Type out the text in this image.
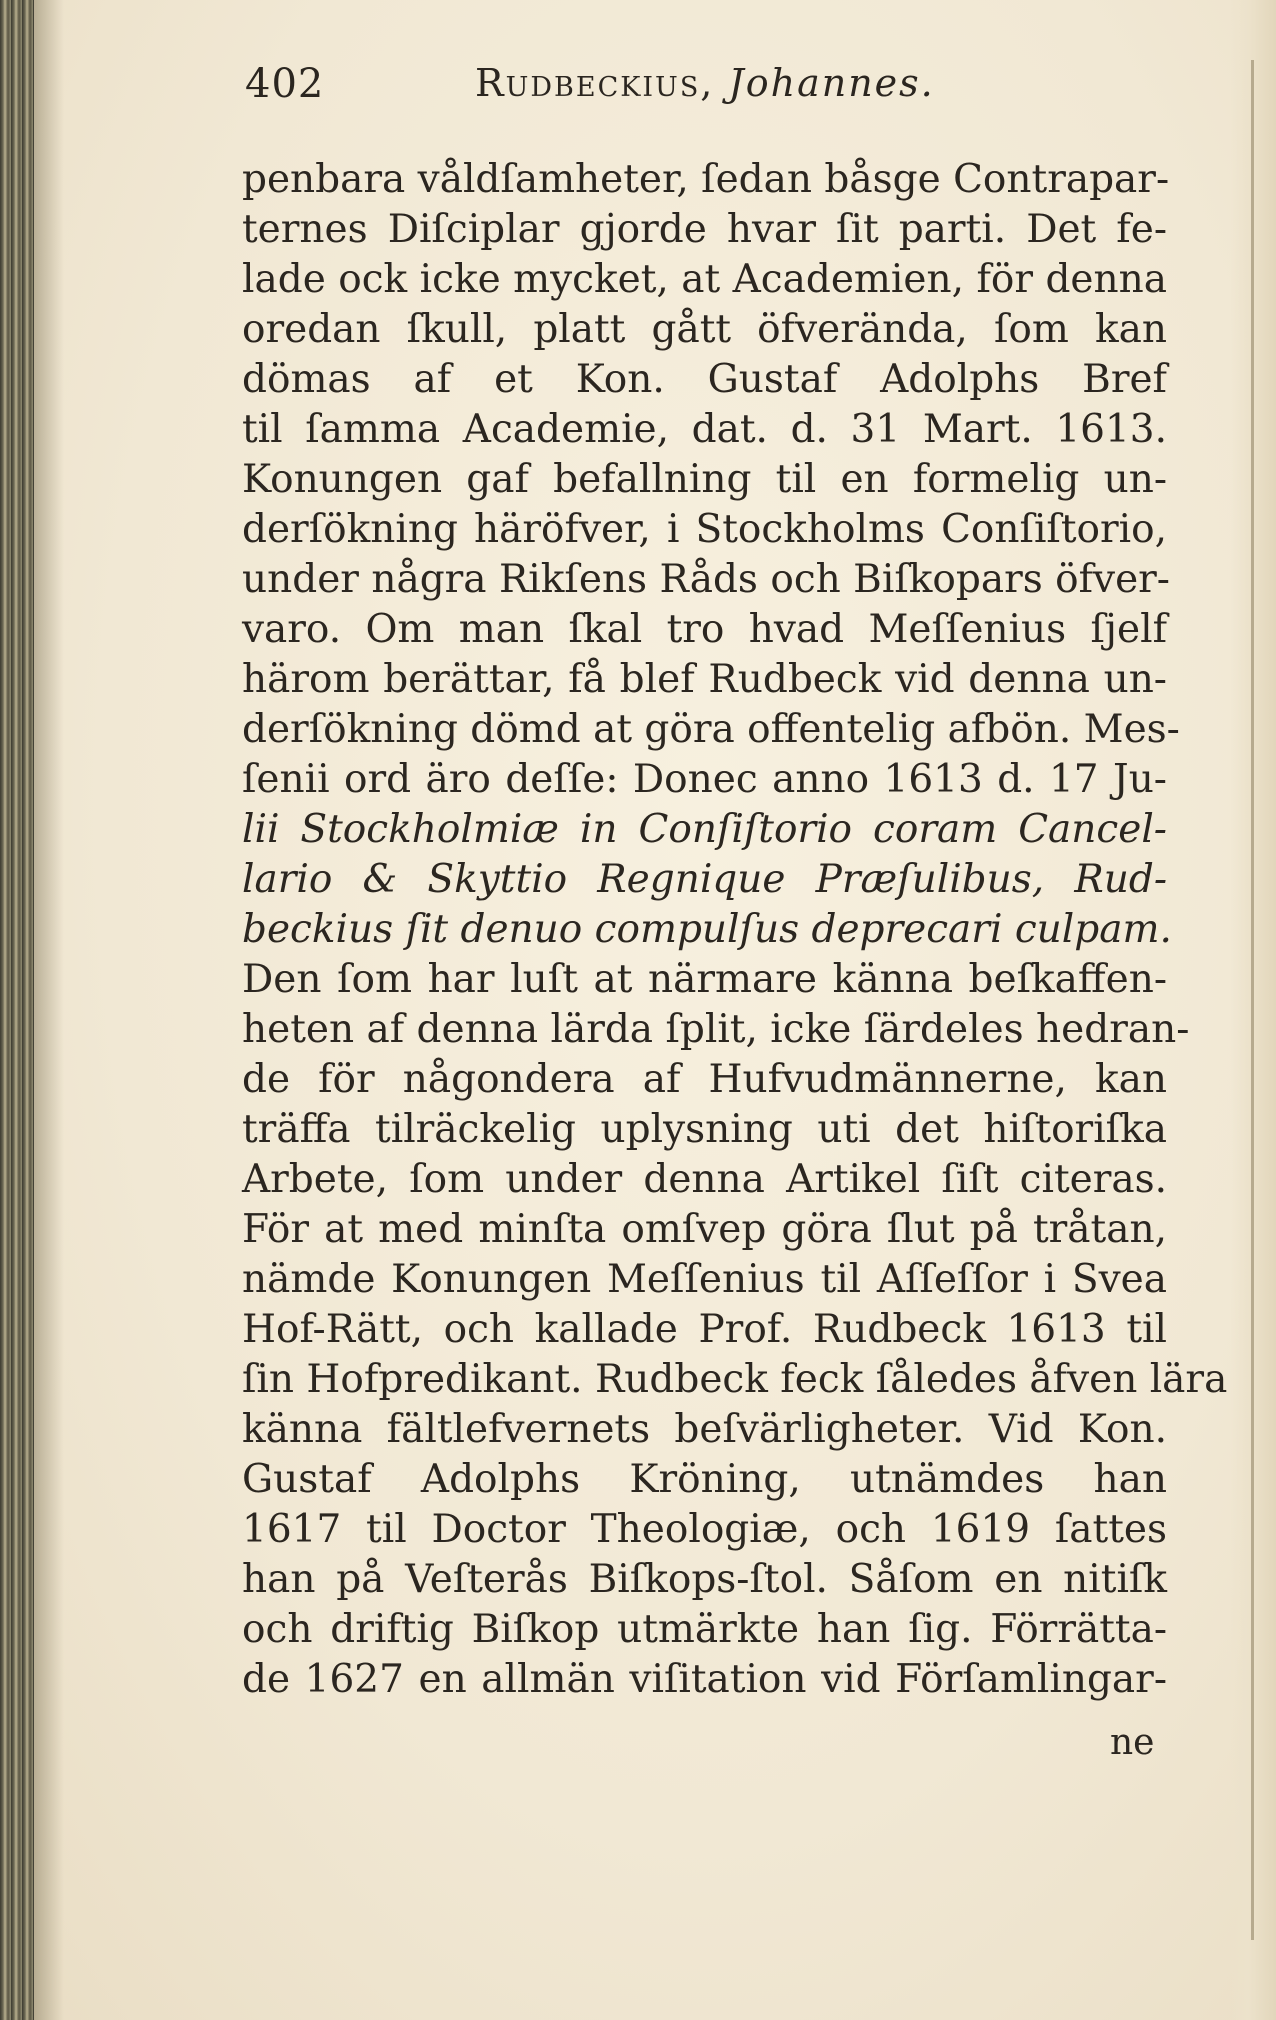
402	Rudbeckius, Johannes.
penbara våldſamheter, ſedan båsge Contrapar-
ternes Diſciplar gjorde hvar ſit parti. Det fe-
lade ock icke mycket, at Academien, för denna
oredan ſkull, platt gått öfverända, ſom kan
dömas af et Kon. Gustaf Adolphs Bref
til ſamma Academie, dat. d. 31 Mart. 1613.
Konungen gaf befallning til en formelig un-
derſökning häröfver, i Stockholms Conſiſtorio,
under några Rikſens Råds och Biſkopars öfver-
varo. Om man ſkal tro hvad Meſſenius ſjelf
härom berättar, få blef Rudbeck vid denna un-
derſökning dömd at göra offentelig afbön. Mes-
ſenii ord äro deſſe: Donec anno 1613 d. 17 Ju-
lii Stockholmiæ in Conſiſtorio coram Cancel-
lario & Skyttio Regnique Præſulibus, Rud-
beckius ſit denuo compulſus deprecari culpam.
Den ſom har luſt at närmare känna beſkaffen-
heten af denna lärda ſplit, icke ſärdeles hedran-
de för någondera af Hufvudmännerne, kan
träffa tilräckelig uplysning uti det hiſtoriſka
Arbete, ſom under denna Artikel ſiſt citeras.
För at med minſta omſvep göra ſlut på tråtan,
nämde Konungen Meſſenius til Aſſeſſor i Svea
Hof-Rätt, och kallade Prof. Rudbeck 1613 til
ſin Hofpredikant. Rudbeck feck ſåledes åfven lära
känna fältlefvernets beſvärligheter. Vid Kon.
Gustaf Adolphs Kröning, utnämdes han
1617 til Doctor Theologiæ, och 1619 ſattes
han på Veſterås Biſkops-ſtol. Såſom en nitiſk
och driftig Biſkop utmärkte han ſig. Förrätta-
de 1627 en allmän viſitation vid Förſamlingar-
ne
